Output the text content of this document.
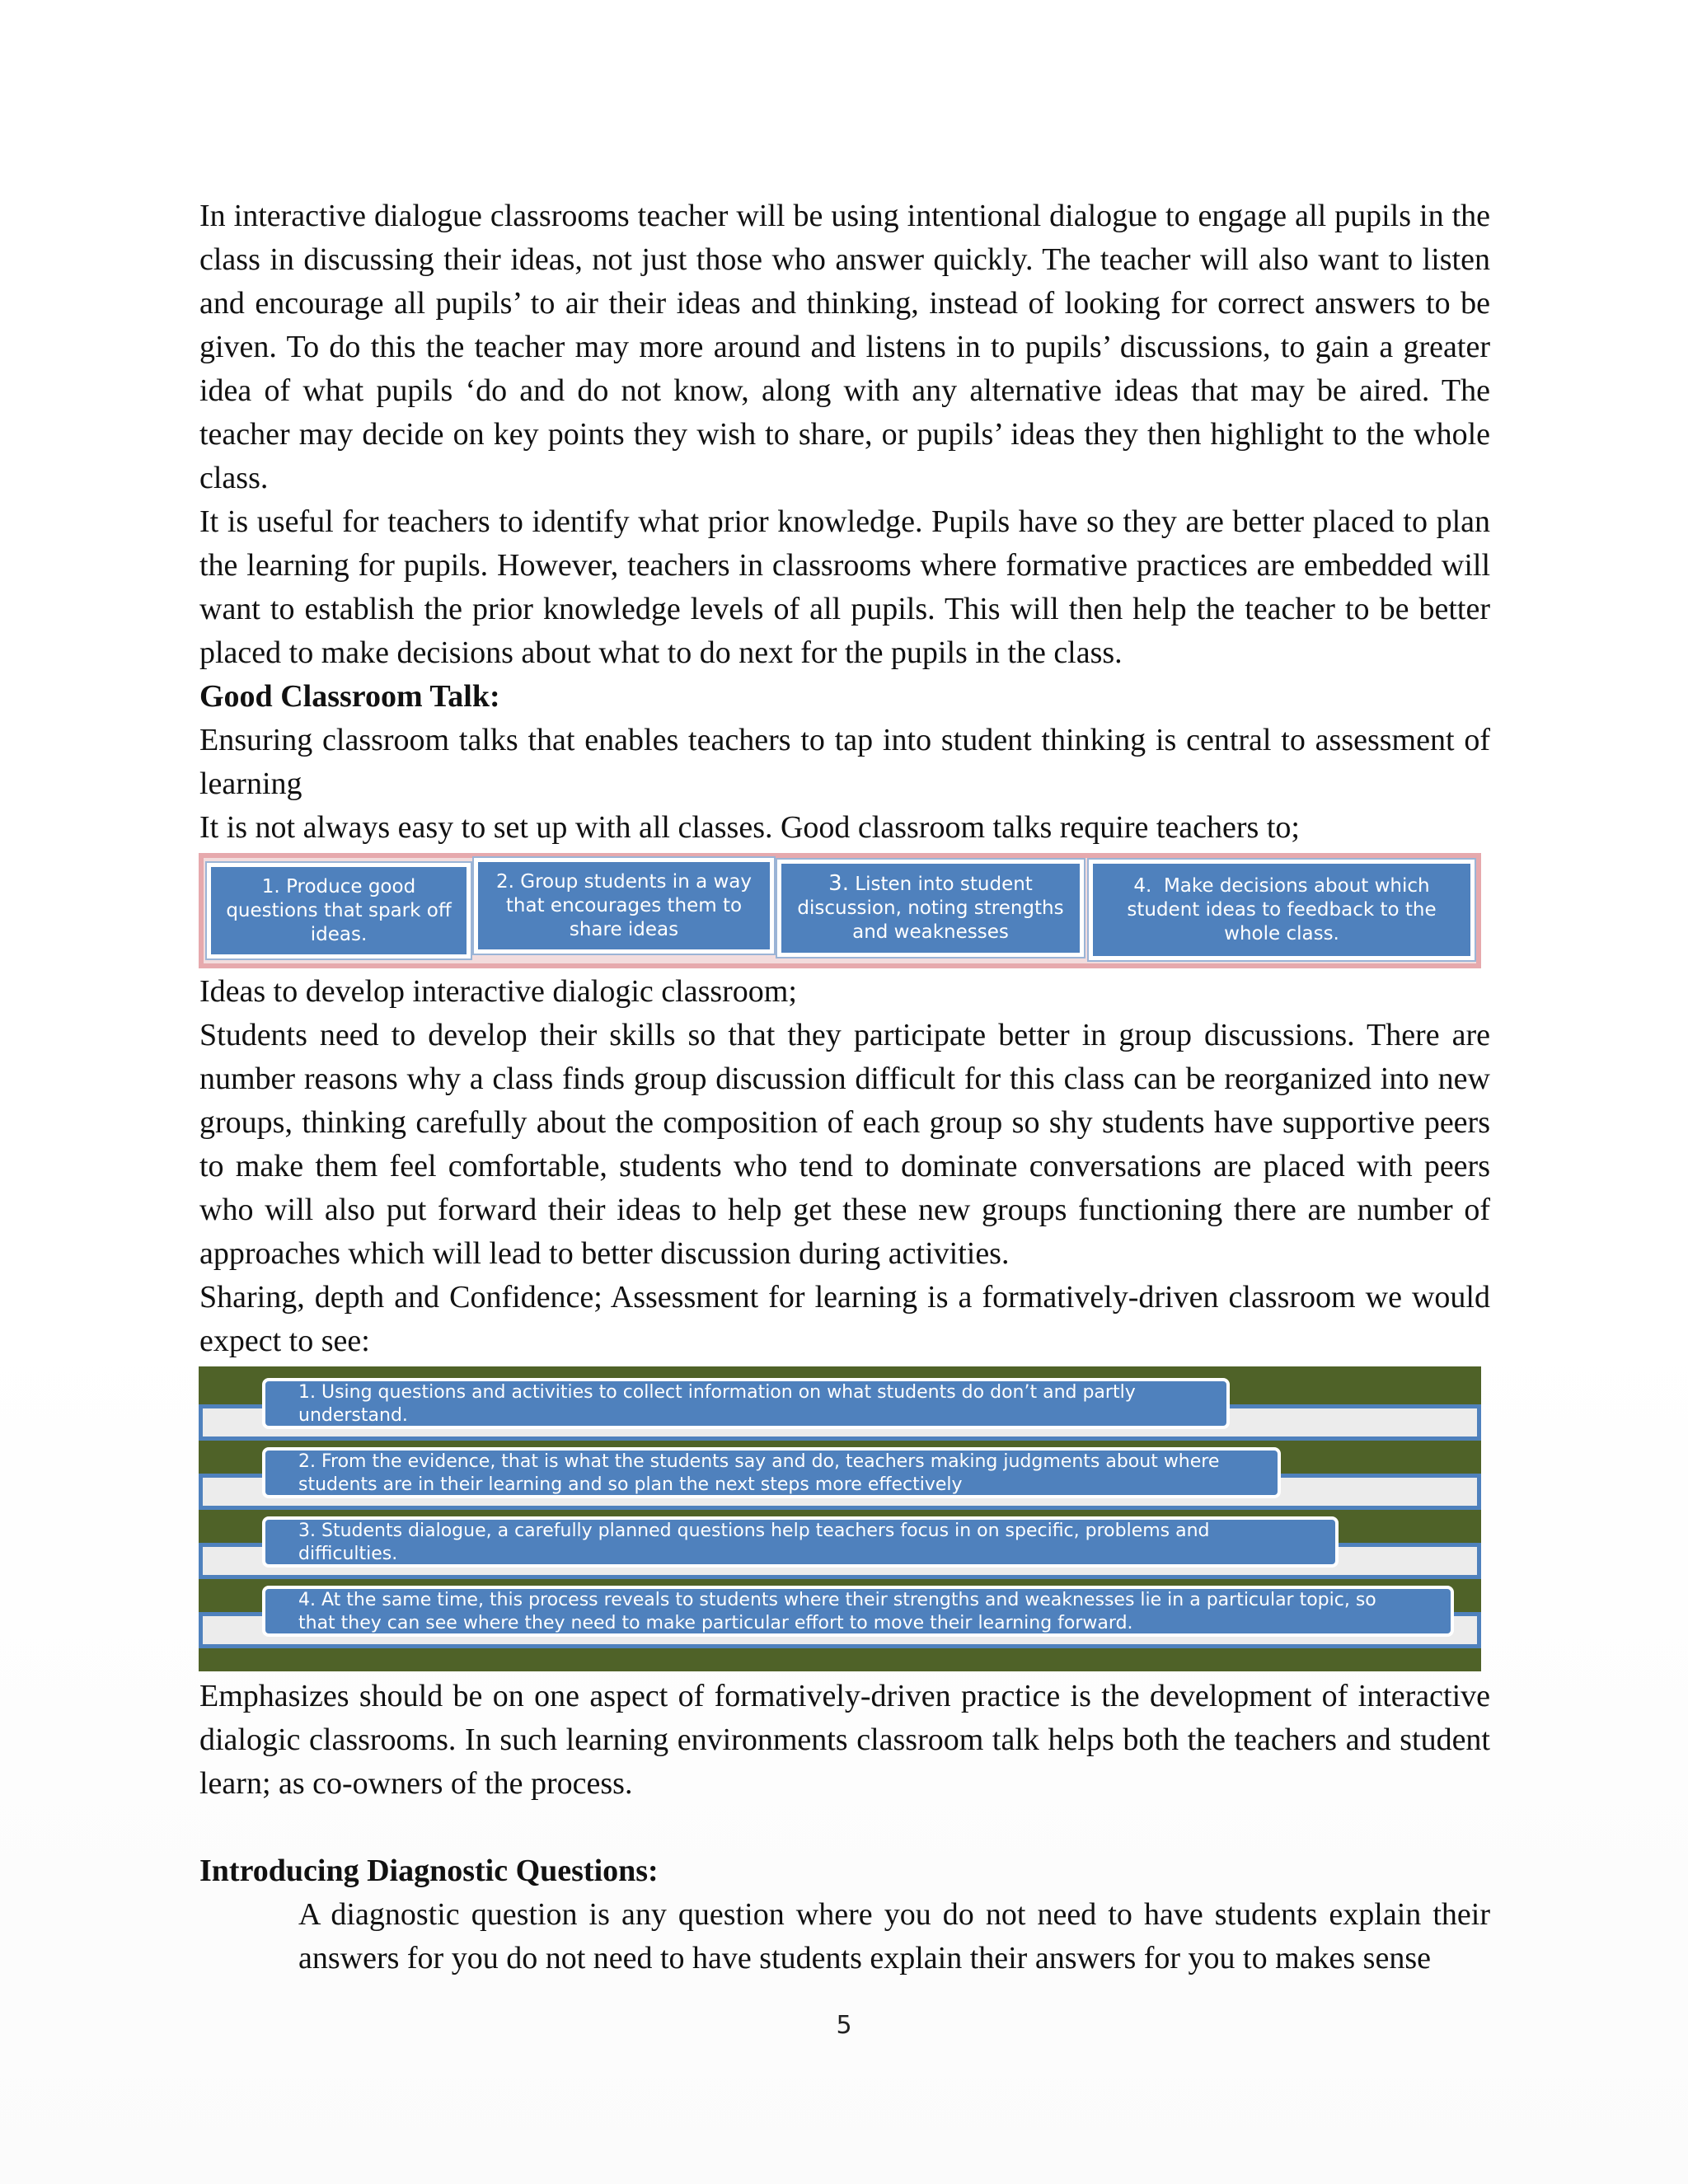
In interactive dialogue classrooms teacher will be using intentional dialogue to engage all pupils in the class in discussing their ideas, not just those who answer quickly. The teacher will also want to listen and encourage all pupils’ to air their ideas and thinking, instead of looking for correct answers to be given. To do this the teacher may more around and listens in to pupils’ discussions, to gain a greater idea of what pupils ‘do and do not know, along with any alternative ideas that may be aired. The teacher may decide on key points they wish to share, or pupils’ ideas they then highlight to the whole class.

It is useful for teachers to identify what prior knowledge. Pupils have so they are better placed to plan the learning for pupils. However, teachers in classrooms where formative practices are embedded will want to establish the prior knowledge levels of all pupils. This will then help the teacher to be better placed to make decisions about what to do next for the pupils in the class.

Good Classroom Talk:

Ensuring classroom talks that enables teachers to tap into student thinking is central to assessment of learning

It is not always easy to set up with all classes. Good classroom talks require teachers to;

1. Produce good questions that spark off ideas.
2. Group students in a way that encourages them to share ideas
3. Listen into student discussion, noting strengths and weaknesses
4. Make decisions about which student ideas to feedback to the whole class.

Ideas to develop interactive dialogic classroom;

Students need to develop their skills so that they participate better in group discussions. There are number reasons why a class finds group discussion difficult for this class can be reorganized into new groups, thinking carefully about the composition of each group so shy students have supportive peers to make them feel comfortable, students who tend to dominate conversations are placed with peers who will also put forward their ideas to help get these new groups functioning there are number of approaches which will lead to better discussion during activities.

Sharing, depth and Confidence; Assessment for learning is a formatively-driven classroom we would expect to see:

1. Using questions and activities to collect information on what students do don’t and partly understand.
2. From the evidence, that is what the students say and do, teachers making judgments about where students are in their learning and so plan the next steps more effectively
3. Students dialogue, a carefully planned questions help teachers focus in on specific, problems and difficulties.
4. At the same time, this process reveals to students where their strengths and weaknesses lie in a particular topic, so that they can see where they need to make particular effort to move their learning forward.

Emphasizes should be on one aspect of formatively-driven practice is the development of interactive dialogic classrooms. In such learning environments classroom talk helps both the teachers and student learn; as co-owners of the process.

Introducing Diagnostic Questions:

A diagnostic question is any question where you do not need to have students explain their answers for you do not need to have students explain their answers for you to makes sense

5
